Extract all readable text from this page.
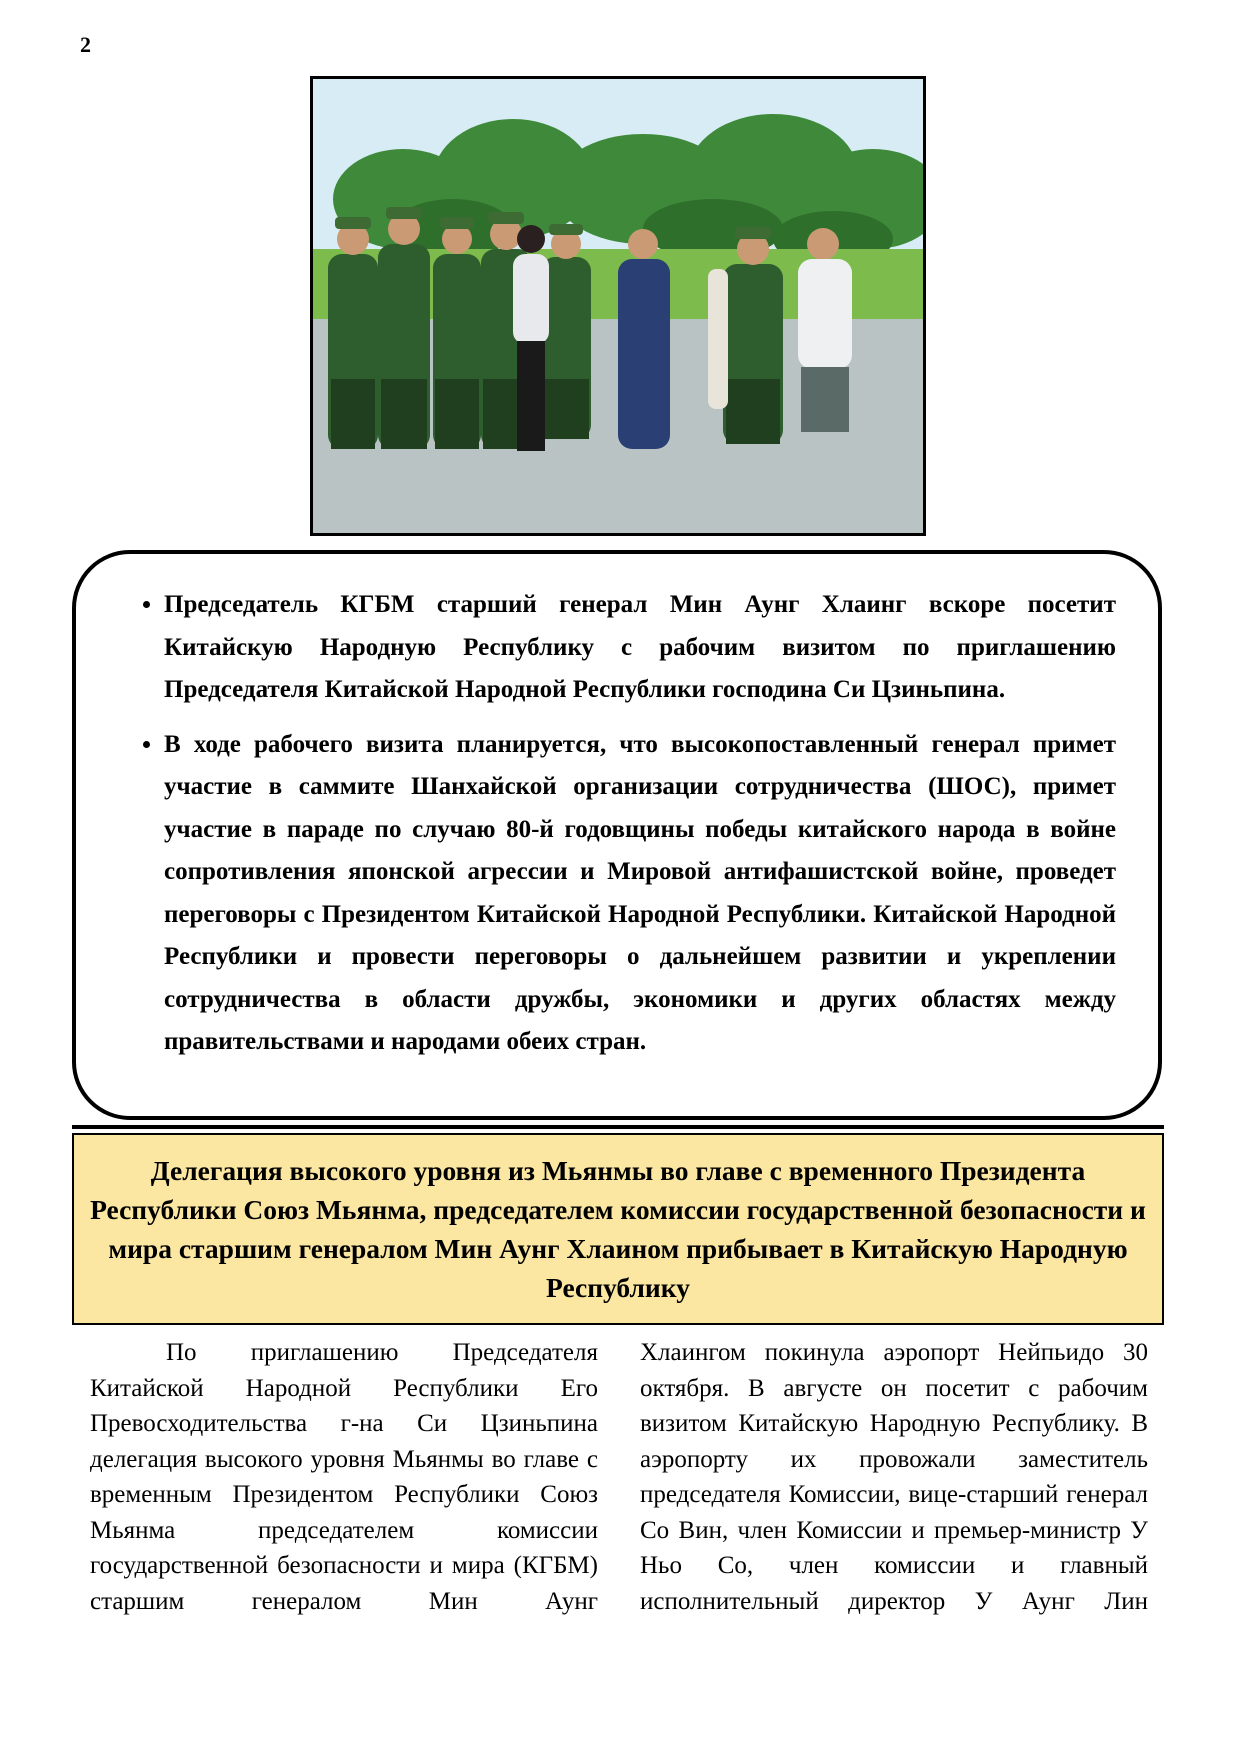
2
• Председатель КГБМ старший генерал Мин Аунг Хлаинг вскоре посетит Китайскую Народную Республику с рабочим визитом по приглашению Председателя Китайской Народной Республики господина Си Цзиньпина.
• В ходе рабочего визита планируется, что высокопоставленный генерал примет участие в саммите Шанхайской организации сотрудничества (ШОС), примет участие в параде по случаю 80-й годовщины победы китайского народа в войне сопротивления японской агрессии и Мировой антифашистской войне, проведет переговоры с Президентом Китайской Народной Республики. Китайской Народной Республики и провести переговоры о дальнейшем развитии и укреплении сотрудничества в области дружбы, экономики и других областях между правительствами и народами обеих стран.
Делегация высокого уровня из Мьянмы во главе с временного Президента Республики Союз Мьянма, председателем комиссии государственной безопасности и мира старшим генералом Мин Аунг Хлаином прибывает в Китайскую Народную Республику
По приглашению Председателя Китайской Народной Республики Его Превосходительства г-на Си Цзиньпина делегация высокого уровня Мьянмы во главе с временным Президентом Республики Союз Мьянма председателем комиссии государственной безопасности и мира (КГБМ) старшим генералом Мин Аунг
Хлаингом покинула аэропорт Нейпьидо 30 октября. В августе он посетит с рабочим визитом Китайскую Народную Республику. В аэропорту их провожали заместитель председателя Комиссии, вице-старший генерал Со Вин, член Комиссии и премьер-министр У Ньо Со, член комиссии и главный исполнительный директор У Аунг Лин
